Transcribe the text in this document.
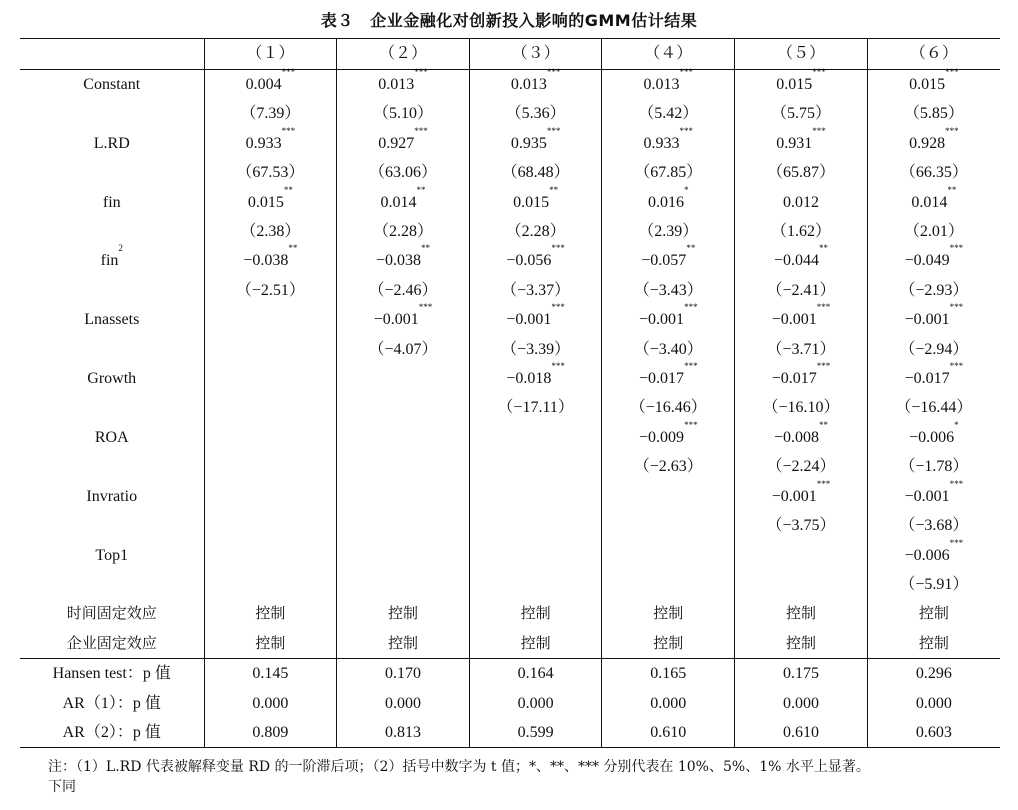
表３　企业金融化对创新投入影响的GMM估计结果
	（１）	（２）	（３）	（４）	（５）	（６）
Constant	0.004***	0.013***	0.013***	0.013***	0.015***	0.015***
	（7.39）	（5.10）	（5.36）	（5.42）	（5.75）	（5.85）
L.RD	0.933***	0.927***	0.935***	0.933***	0.931***	0.928***
	（67.53）	（63.06）	（68.48）	（67.85）	（65.87）	（66.35）
fin	0.015**	0.014**	0.015**	0.016*	0.012	0.014**
	（2.38）	（2.28）	（2.28）	（2.39）	（1.62）	（2.01）
fin$^2$	−0.038**	−0.038**	−0.056***	−0.057**	−0.044**	−0.049***
	（−2.51）	（−2.46）	（−3.37）	（−3.43）	（−2.41）	（−2.93）
Lnassets		−0.001***	−0.001***	−0.001***	−0.001***	−0.001***
		（−4.07）	（−3.39）	（−3.40）	（−3.71）	（−2.94）
Growth			−0.018***	−0.017***	−0.017***	−0.017***
			（−17.11）	（−16.46）	（−16.10）	（−16.44）
ROA				−0.009***	−0.008**	−0.006*
				（−2.63）	（−2.24）	（−1.78）
Invratio					−0.001***	−0.001***
					（−3.75）	（−3.68）
Top1						−0.006***
						（−5.91）
时间固定效应	控制	控制	控制	控制	控制	控制
企业固定效应	控制	控制	控制	控制	控制	控制
Hansen test：p 值	0.145	0.170	0.164	0.165	0.175	0.296
AR（1）：p 值	0.000	0.000	0.000	0.000	0.000	0.000
AR（2）：p 值	0.809	0.813	0.599	0.610	0.610	0.603
注：（1）L.RD 代表被解释变量 RD 的一阶滞后项；（2）括号中数字为 t 值；*、**、*** 分别代表在 10%、5%、1% 水平上显著。
下同
